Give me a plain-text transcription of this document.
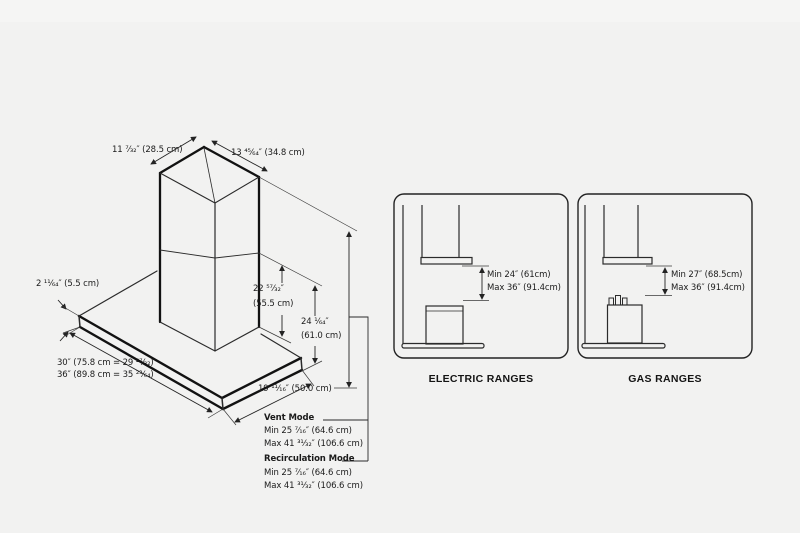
11 ⁷⁄₃₂″ (28.5 cm)	13 ⁴⁵⁄₆₄″ (34.8 cm)
2 ¹¹⁄₆₄″ (5.5 cm)	22 ⁵⁷⁄₃₂″
(55.5 cm)
24 ¹⁄₆₄″
(61.0 cm)
30″ (75.8 cm = 29 ²⁷⁄₃₂)
36″ (89.8 cm = 35 ²³⁄₆₄)
19 ¹¹⁄₁₆″ (50.0 cm)
Vent Mode
Min 25 ⁷⁄₁₆″ (64.6 cm)
Max 41 ³¹⁄₃₂″ (106.6 cm)
Recirculation Mode
Min 25 ⁷⁄₁₆″ (64.6 cm)
Max 41 ³¹⁄₃₂″ (106.6 cm)
Min 24″ (61cm)
Max 36″ (91.4cm)
Min 27″ (68.5cm)
Max 36″ (91.4cm)
ELECTRIC RANGES	GAS RANGES
